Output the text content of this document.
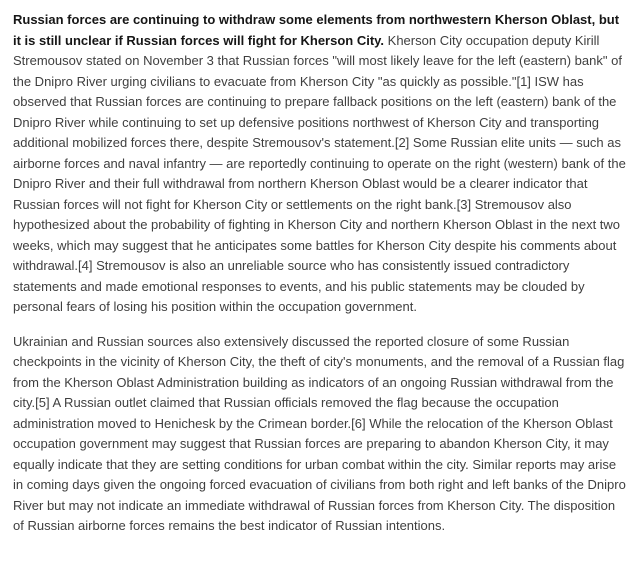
Russian forces are continuing to withdraw some elements from northwestern Kherson Oblast, but it is still unclear if Russian forces will fight for Kherson City. Kherson City occupation deputy Kirill Stremousov stated on November 3 that Russian forces "will most likely leave for the left (eastern) bank" of the Dnipro River urging civilians to evacuate from Kherson City "as quickly as possible."[1] ISW has observed that Russian forces are continuing to prepare fallback positions on the left (eastern) bank of the Dnipro River while continuing to set up defensive positions northwest of Kherson City and transporting additional mobilized forces there, despite Stremousov's statement.​[2] Some Russian elite units — such as airborne forces and naval infantry — are reportedly continuing to operate on the right (western) bank of the Dnipro River and their full withdrawal from northern Kherson Oblast would be a clearer indicator that Russian forces will not fight for Kherson City or settlements on the right bank.[3] Stremousov also hypothesized about the probability of fighting in Kherson City and northern Kherson Oblast in the next two weeks, which may suggest that he anticipates some battles for Kherson City despite his comments about withdrawal.[4] Stremousov is also an unreliable source who has consistently issued contradictory statements and made emotional responses to events, and his public statements may be clouded by personal fears of losing his position within the occupation government.

Ukrainian and Russian sources also extensively discussed the reported closure of some Russian checkpoints in the vicinity of Kherson City, the theft of city's monuments, and the removal of a Russian flag from the Kherson Oblast Administration building as indicators of an ongoing Russian withdrawal from the city.[5] A Russian outlet claimed that Russian officials removed the flag because the occupation administration moved to Henichesk by the Crimean border.[6] While the relocation of the Kherson Oblast occupation government may suggest that Russian forces are preparing to abandon Kherson City, it may equally indicate that they are setting conditions for urban combat within the city. Similar reports may arise in coming days given the ongoing forced evacuation of civilians from both right and left banks of the Dnipro River but may not indicate an immediate withdrawal of Russian forces from Kherson City. The disposition of Russian airborne forces remains the best indicator of Russian intentions.
